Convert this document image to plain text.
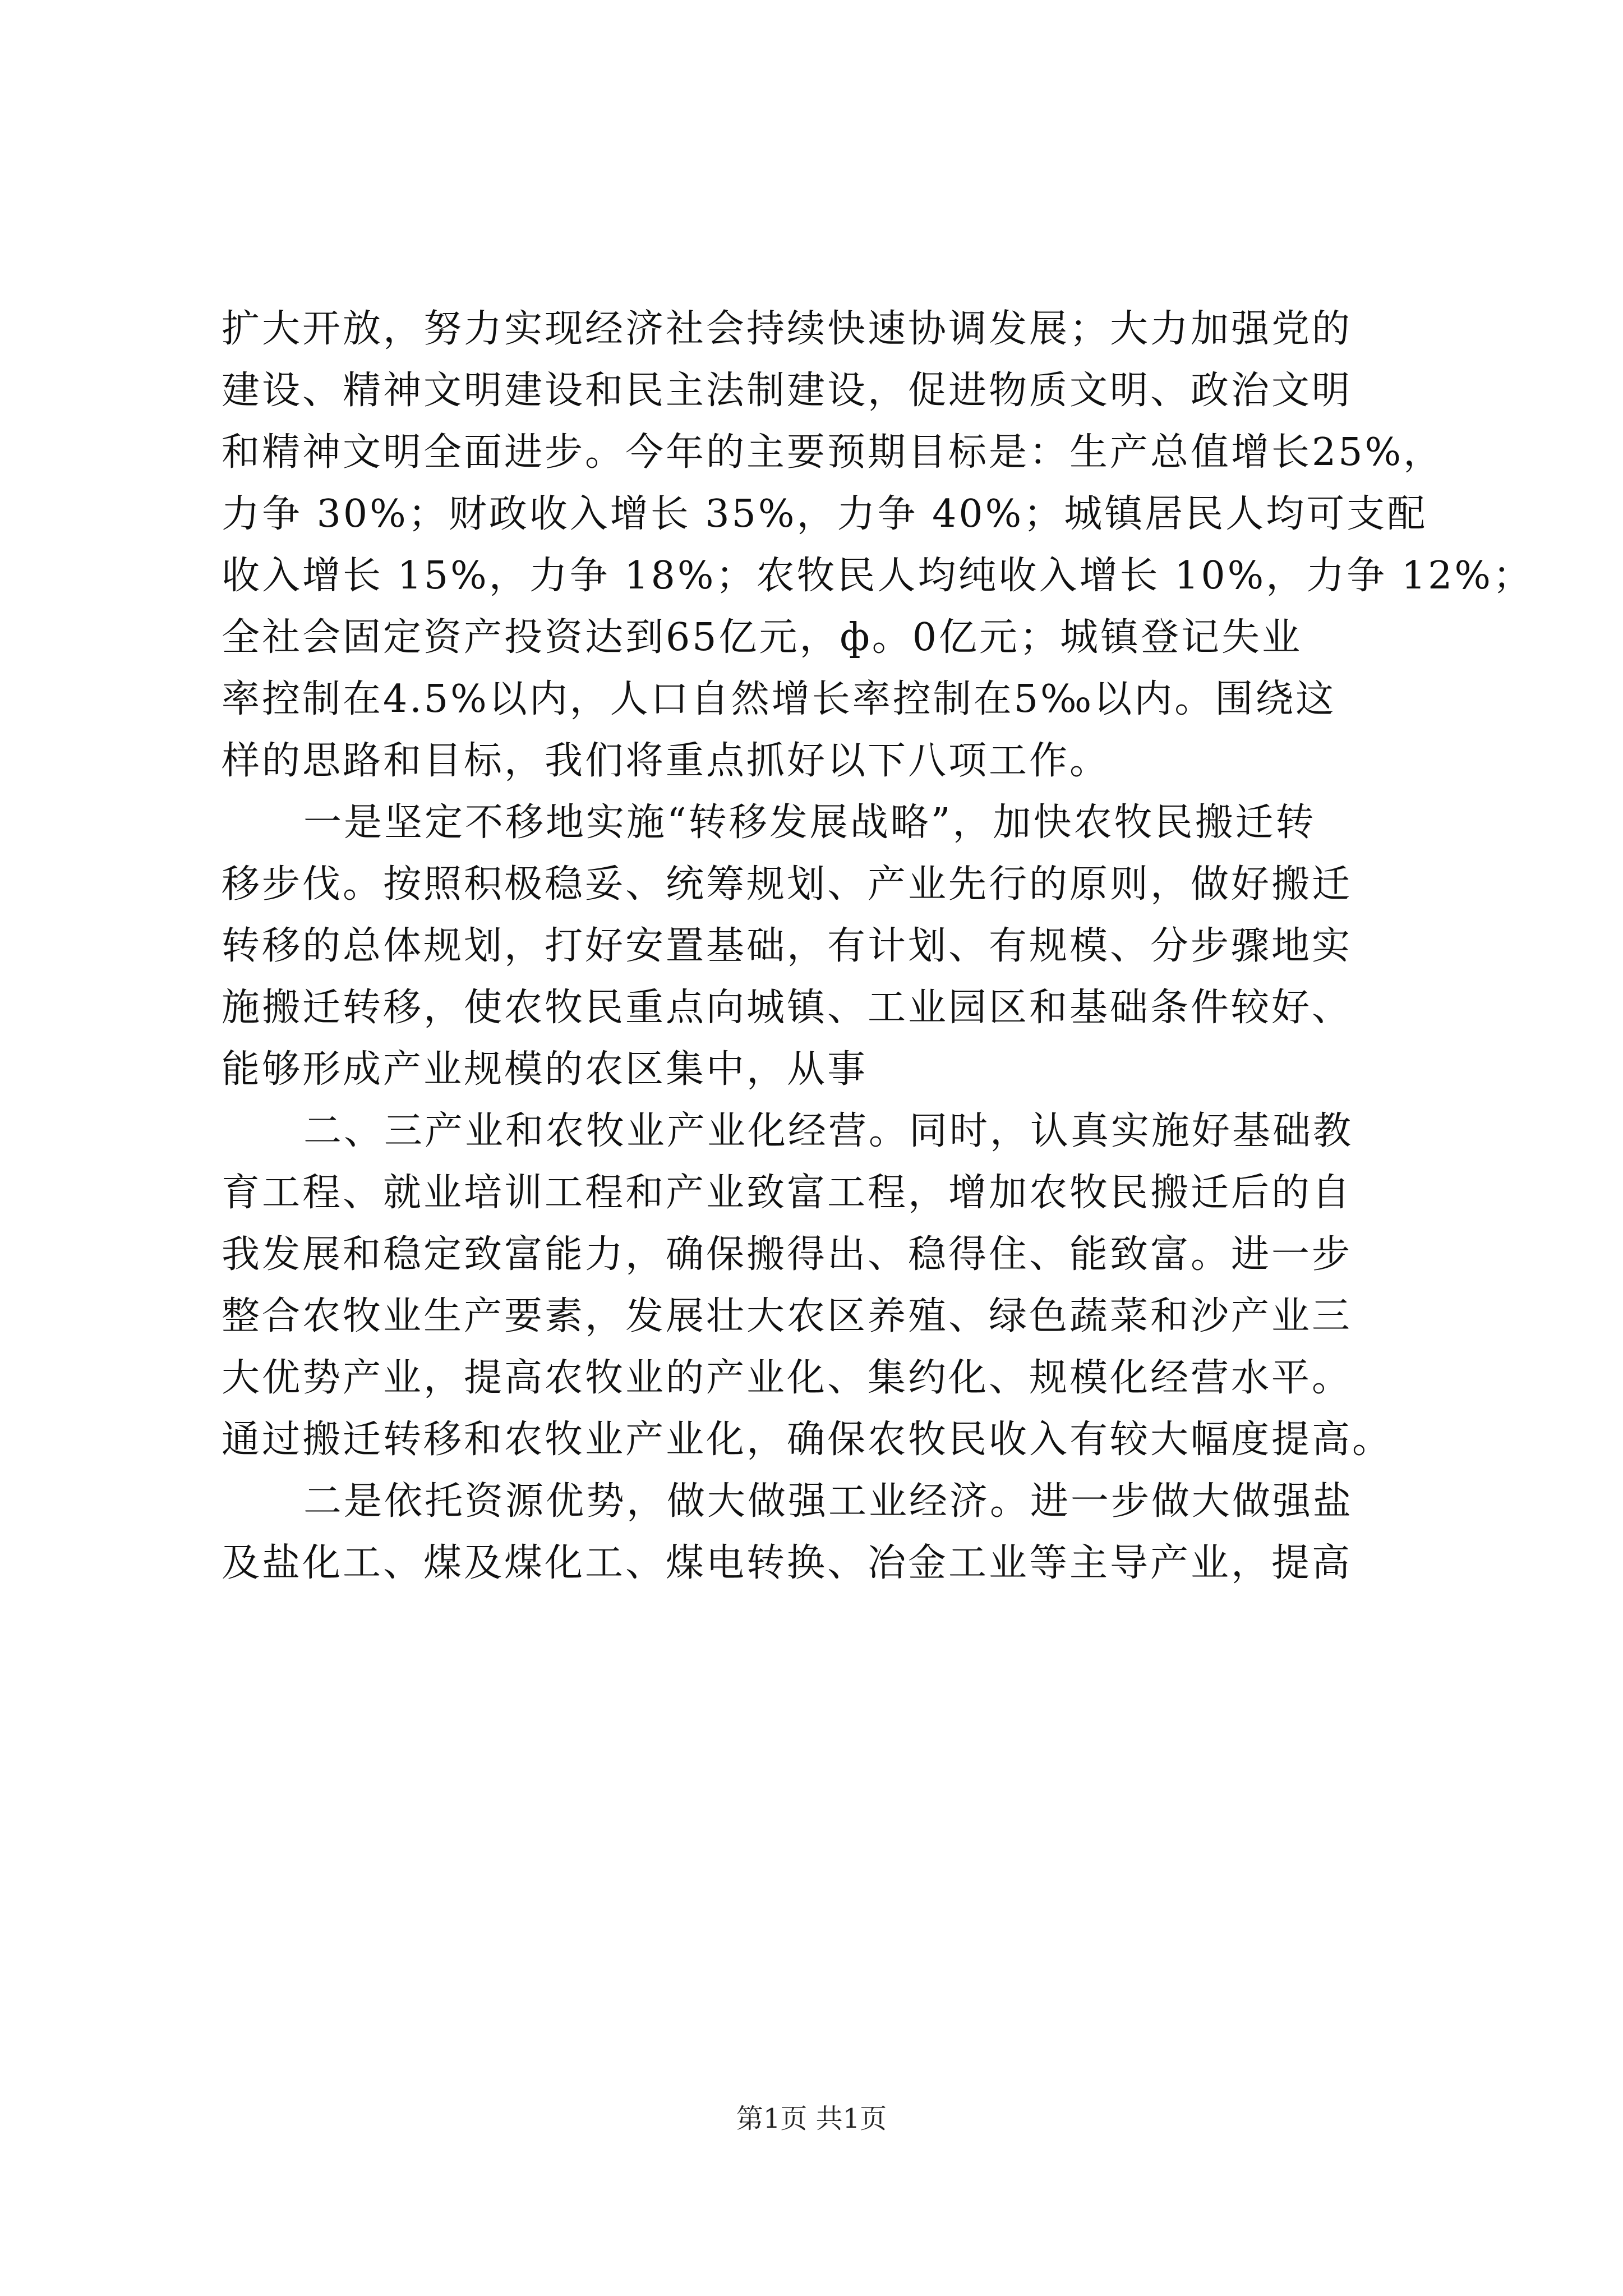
扩大开放，努力实现经济社会持续快速协调发展；大力加强党的
建设、精神文明建设和民主法制建设，促进物质文明、政治文明
和精神文明全面进步。今年的主要预期目标是：生产总值增长25%，
力争 30%；财政收入增长 35%，力争 40%；城镇居民人均可支配
收入增长 15%，力争 18%；农牧民人均纯收入增长 10%，力争 12%；
全社会固定资产投资达到65亿元，ф。0亿元；城镇登记失业
率控制在4.5%以内，人口自然增长率控制在5‰以内。围绕这
样的思路和目标，我们将重点抓好以下八项工作。
一是坚定不移地实施“转移发展战略”，加快农牧民搬迁转
移步伐。按照积极稳妥、统筹规划、产业先行的原则，做好搬迁
转移的总体规划，打好安置基础，有计划、有规模、分步骤地实
施搬迁转移，使农牧民重点向城镇、工业园区和基础条件较好、
能够形成产业规模的农区集中，从事
二、三产业和农牧业产业化经营。同时，认真实施好基础教
育工程、就业培训工程和产业致富工程，增加农牧民搬迁后的自
我发展和稳定致富能力，确保搬得出、稳得住、能致富。进一步
整合农牧业生产要素，发展壮大农区养殖、绿色蔬菜和沙产业三
大优势产业，提高农牧业的产业化、集约化、规模化经营水平。
通过搬迁转移和农牧业产业化，确保农牧民收入有较大幅度提高。
二是依托资源优势，做大做强工业经济。进一步做大做强盐
及盐化工、煤及煤化工、煤电转换、冶金工业等主导产业，提高
第1页 共1页
